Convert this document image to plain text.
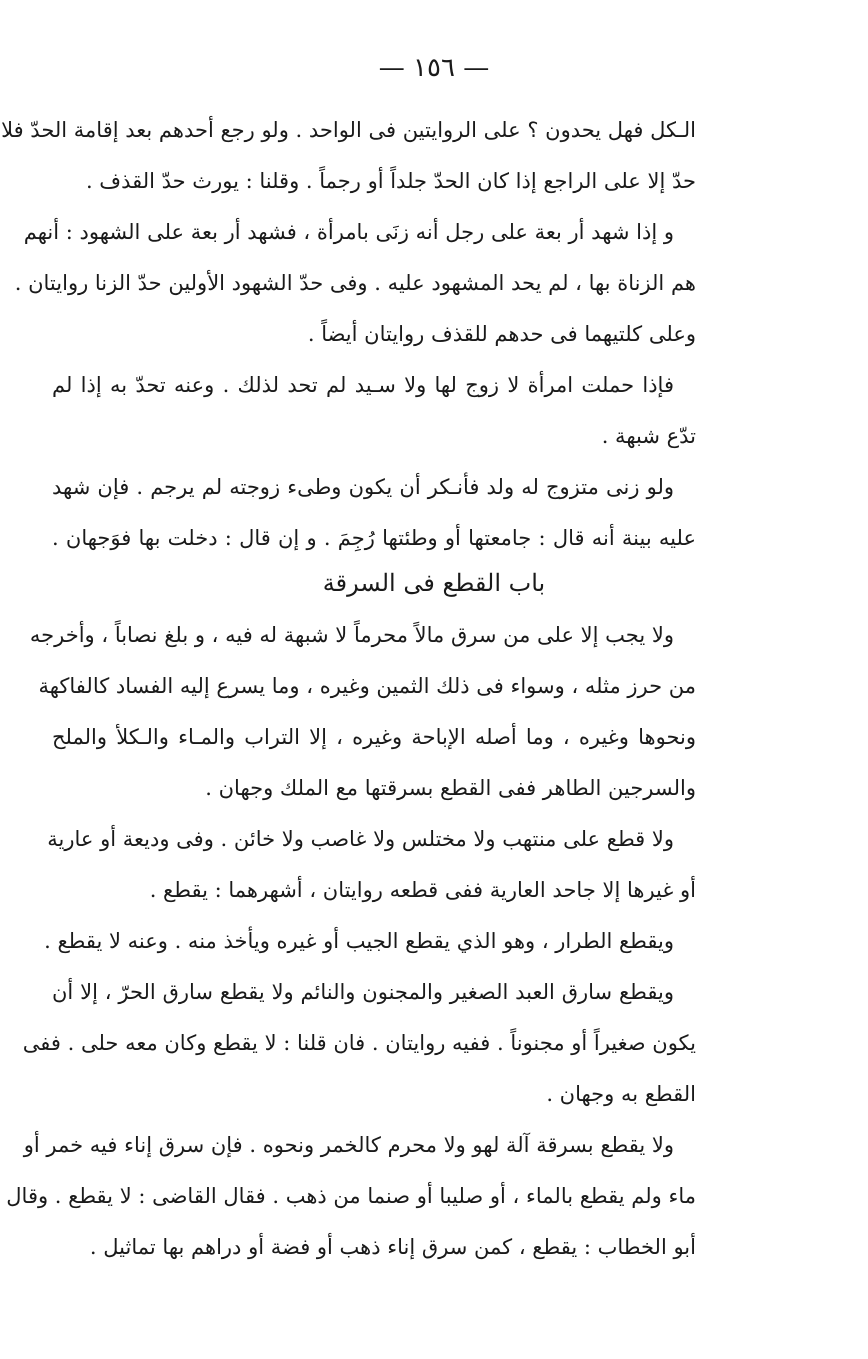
— ١٥٦ —
الـكل فهل يحدون ؟ على الروايتين فى الواحد . ولو رجع أحدهم بعد إقامة الحدّ فلا
حدّ إلا على الراجع إذا كان الحدّ جلداً أو رجماً . وقلنا : يورث حدّ القذف .
و إذا شهد أر بعة على رجل أنه زنَى بامرأة ، فشهد أر بعة على الشهود : أنهم
هم الزناة بها ، لم يحد المشهود عليه . وفى حدّ الشهود الأولين حدّ الزنا روايتان .
وعلى كلتيهما فى حدهم للقذف روايتان أيضاً .
فإذا حملت امرأة لا زوج لها ولا سـيد لم تحد لذلك . وعنه تحدّ به إذا لم
تدّع شبهة .
ولو زنى متزوج له ولد فأنـكر أن يكون وطىء زوجته لم يرجم . فإن شهد
عليه بينة أنه قال : جامعتها أو وطئتها رُجِمَ . و إن قال : دخلت بها فوَجهان .
باب القطع فى السرقة
ولا يجب إلا على من سرق مالاً محرماً لا شبهة له فيه ، و بلغ نصاباً ، وأخرجه
من حرز مثله ، وسواء فى ذلك الثمين وغيره ، وما يسرع إليه الفساد كالفاكهة
ونحوها وغيره ، وما أصله الإباحة وغيره ، إلا التراب والمـاء والـكلأ والملح
والسرجين الطاهر ففى القطع بسرقتها مع الملك وجهان .
ولا قطع على منتهب ولا مختلس ولا غاصب ولا خائن . وفى وديعة أو عارية
أو غيرها إلا جاحد العارية ففى قطعه روايتان ، أشهرهما : يقطع .
ويقطع الطرار ، وهو الذي يقطع الجيب أو غيره ويأخذ منه . وعنه لا يقطع .
ويقطع سارق العبد الصغير والمجنون والنائم ولا يقطع سارق الحرّ ، إلا أن
يكون صغيراً أو مجنوناً . ففيه روايتان . فان قلنا : لا يقطع وكان معه حلى . ففى
القطع به وجهان .
ولا يقطع بسرقة آلة لهو ولا محرم كالخمر ونحوه . فإن سرق إناء فيه خمر أو
ماء ولم يقطع بالماء ، أو صليبا أو صنما من ذهب . فقال القاضى : لا يقطع . وقال
أبو الخطاب : يقطع ، كمن سرق إناء ذهب أو فضة أو دراهم بها تماثيل .
